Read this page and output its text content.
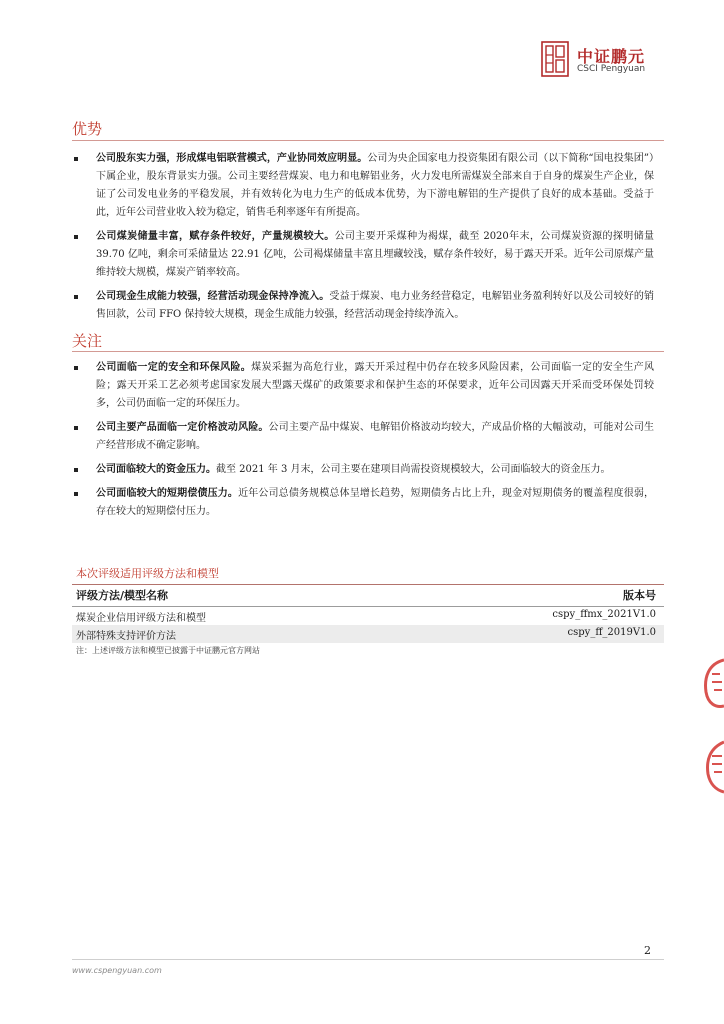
中证鹏元
CSCI Pengyuan
优势
公司股东实力强，形成煤电铝联营模式，产业协同效应明显。公司为央企国家电力投资集团有限公司（以下简称“国电投集团”）下属企业，股东背景实力强。公司主要经营煤炭、电力和电解铝业务，火力发电所需煤炭全部来自于自身的煤炭生产企业，保证了公司发电业务的平稳发展，并有效转化为电力生产的低成本优势，为下游电解铝的生产提供了良好的成本基础。受益于此，近年公司营业收入较为稳定，销售毛利率逐年有所提高。
公司煤炭储量丰富，赋存条件较好，产量规模较大。公司主要开采煤种为褐煤，截至 2020年末，公司煤炭资源的探明储量 39.70 亿吨，剩余可采储量达 22.91 亿吨，公司褐煤储量丰富且埋藏较浅，赋存条件较好，易于露天开采。近年公司原煤产量维持较大规模，煤炭产销率较高。
公司现金生成能力较强，经营活动现金保持净流入。受益于煤炭、电力业务经营稳定，电解铝业务盈利转好以及公司较好的销售回款，公司 FFO 保持较大规模，现金生成能力较强，经营活动现金持续净流入。
关注
公司面临一定的安全和环保风险。煤炭采掘为高危行业，露天开采过程中仍存在较多风险因素，公司面临一定的安全生产风险；露天开采工艺必须考虑国家发展大型露天煤矿的政策要求和保护生态的环保要求，近年公司因露天开采而受环保处罚较多，公司仍面临一定的环保压力。
公司主要产品面临一定价格波动风险。公司主要产品中煤炭、电解铝价格波动均较大，产成品价格的大幅波动，可能对公司生产经营形成不确定影响。
公司面临较大的资金压力。截至 2021 年 3 月末，公司主要在建项目尚需投资规模较大，公司面临较大的资金压力。
公司面临较大的短期偿债压力。近年公司总债务规模总体呈增长趋势，短期债务占比上升，现金对短期债务的覆盖程度很弱，存在较大的短期偿付压力。
本次评级适用评级方法和模型
评级方法/模型名称	版本号
煤炭企业信用评级方法和模型	cspy_ffmx_2021V1.0
外部特殊支持评价方法	cspy_ff_2019V1.0
注：上述评级方法和模型已披露于中证鹏元官方网站
2
www.cspengyuan.com
